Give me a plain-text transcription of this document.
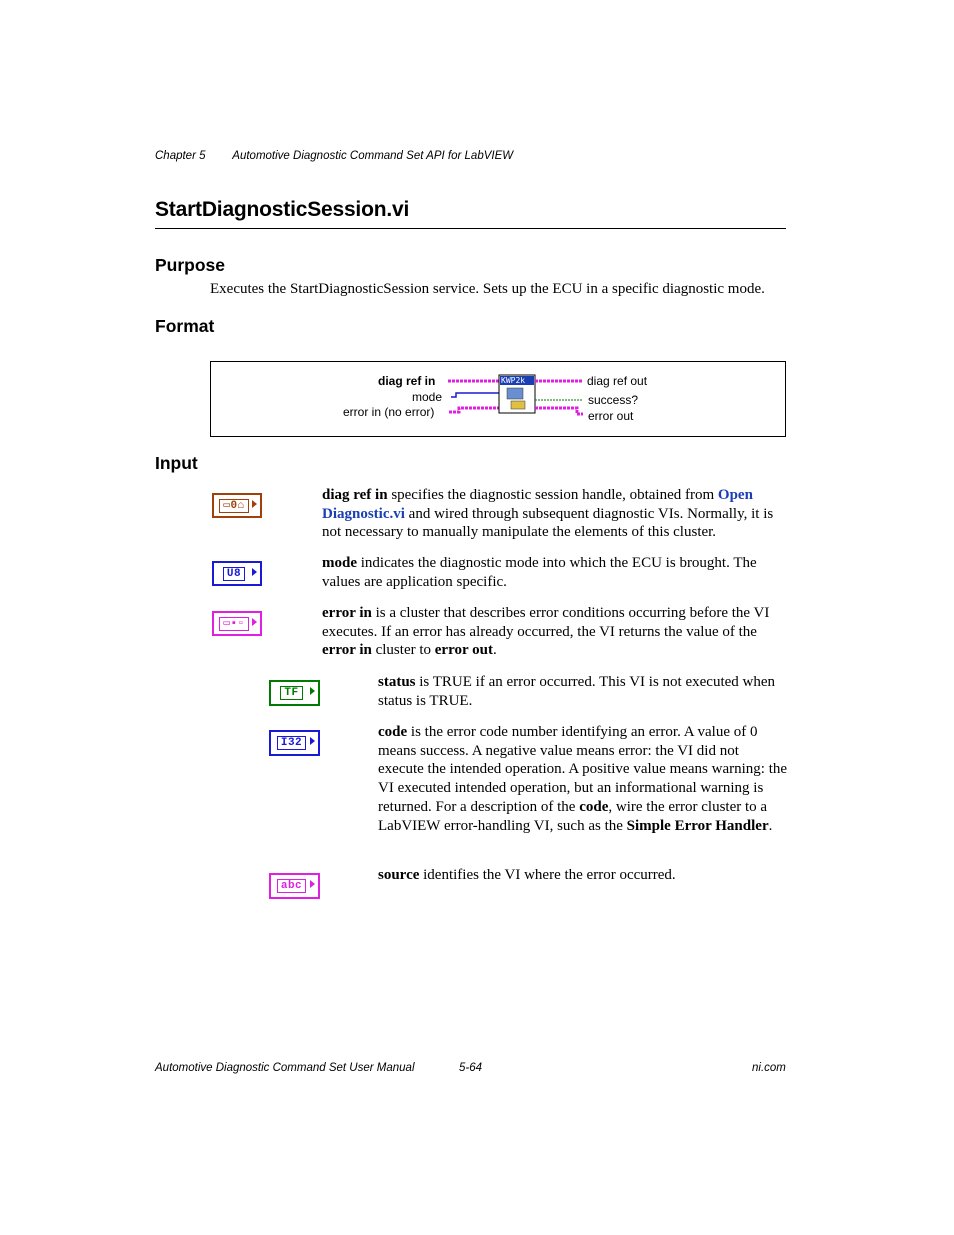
Chapter 5 Automotive Diagnostic Command Set API for LabVIEW
StartDiagnosticSession.vi
Purpose
Executes the StartDiagnosticSession service. Sets up the ECU in a specific diagnostic mode.
Format
diag ref in
mode
error in (no error)
KWP2k	diag ref out
success?
error out
Input
▭0⌂
diag ref in specifies the diagnostic session handle, obtained from Open Diagnostic.vi and wired through subsequent diagnostic VIs. Normally, it is not necessary to manually manipulate the elements of this cluster.
U8
mode indicates the diagnostic mode into which the ECU is brought. The values are application specific.
▭▪▫
error in is a cluster that describes error conditions occurring before the VI executes. If an error has already occurred, the VI returns the value of the error in cluster to error out.
TF
status is TRUE if an error occurred. This VI is not executed when status is TRUE.
I32
code is the error code number identifying an error. A value of 0 means success. A negative value means error: the VI did not execute the intended operation. A positive value means warning: the VI executed intended operation, but an informational warning is returned. For a description of the code, wire the error cluster to a LabVIEW error-handling VI, such as the Simple Error Handler.
abc
source identifies the VI where the error occurred.
Automotive Diagnostic Command Set User Manual	5-64	ni.com
